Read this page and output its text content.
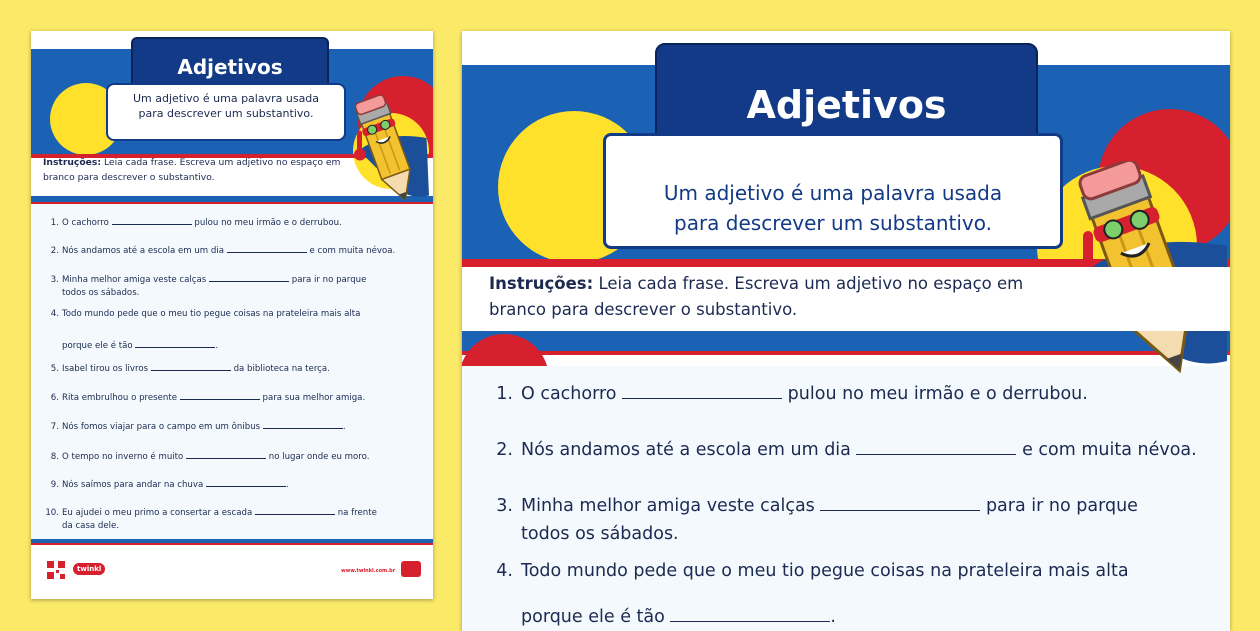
Adjetivos
Um adjetivo é uma palavra usada
para descrever um substantivo.
Instruções: Leia cada frase. Escreva um adjetivo no espaço em
branco para descrever o substantivo.
1. O cachorro	pulou no meu irmão e o derrubou.
2. Nós andamos até a escola em um dia	e com muita névoa.
3. Minha melhor amiga veste calças	para ir no parque
todos os sábados.
4. Todo mundo pede que o meu tio pegue coisas na prateleira mais alta
porque ele é tão	.
5. Isabel tirou os livros	da biblioteca na terça.
6. Rita embrulhou o presente	para sua melhor amiga.
7. Nós fomos viajar para o campo em um ônibus	.
8. O tempo no inverno é muito	no lugar onde eu moro.
9. Nós saímos para andar na chuva	.
10. Eu ajudei o meu primo a consertar a escada	na frente
da casa dele.
twinkl	www.twinkl.com.br
Adjetivos
Um adjetivo é uma palavra usada
para descrever um substantivo.
Instruções: Leia cada frase. Escreva um adjetivo no espaço em
branco para descrever o substantivo.
1. O cachorro	pulou no meu irmão e o derrubou.
2. Nós andamos até a escola em um dia	e com muita névoa.
3. Minha melhor amiga veste calças	para ir no parque
todos os sábados.
4. Todo mundo pede que o meu tio pegue coisas na prateleira mais alta
porque ele é tão	.
